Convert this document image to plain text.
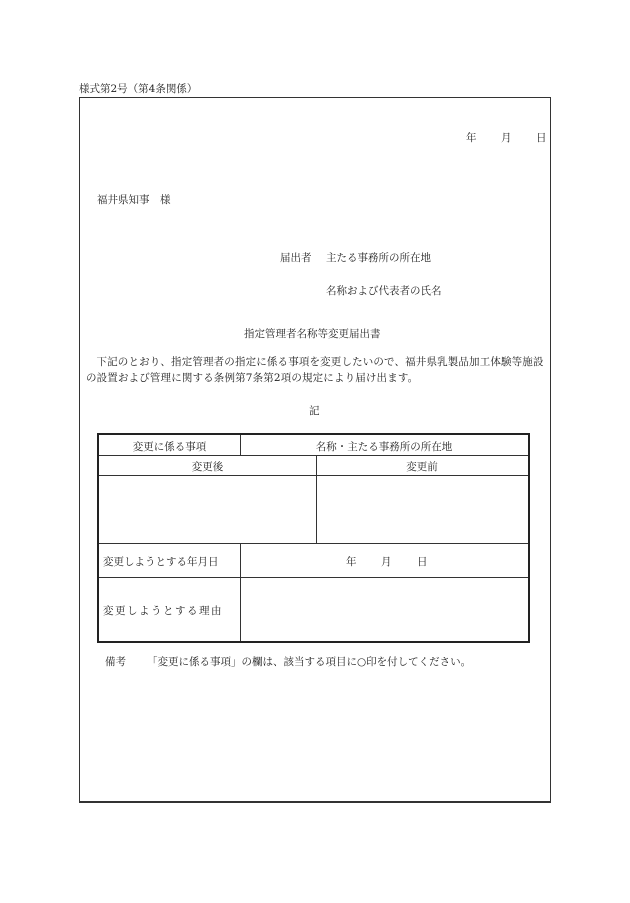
様式第2号（第4条関係）
年 月 日
福井県知事　様
届出者 主たる事務所の所在地
名称および代表者の氏名
指定管理者名称等変更届出書
下記のとおり、指定管理者の指定に係る事項を変更したいので、福井県乳製品加工体験等施設の設置および管理に関する条例第7条第2項の規定により届け出ます。
記
変更に係る事項	名称・主たる事務所の所在地
変更後	変更前
変更しようとする年月日	年 月 日
変更しようとする理由
備考 「変更に係る事項」の欄は、該当する項目に○印を付してください。
